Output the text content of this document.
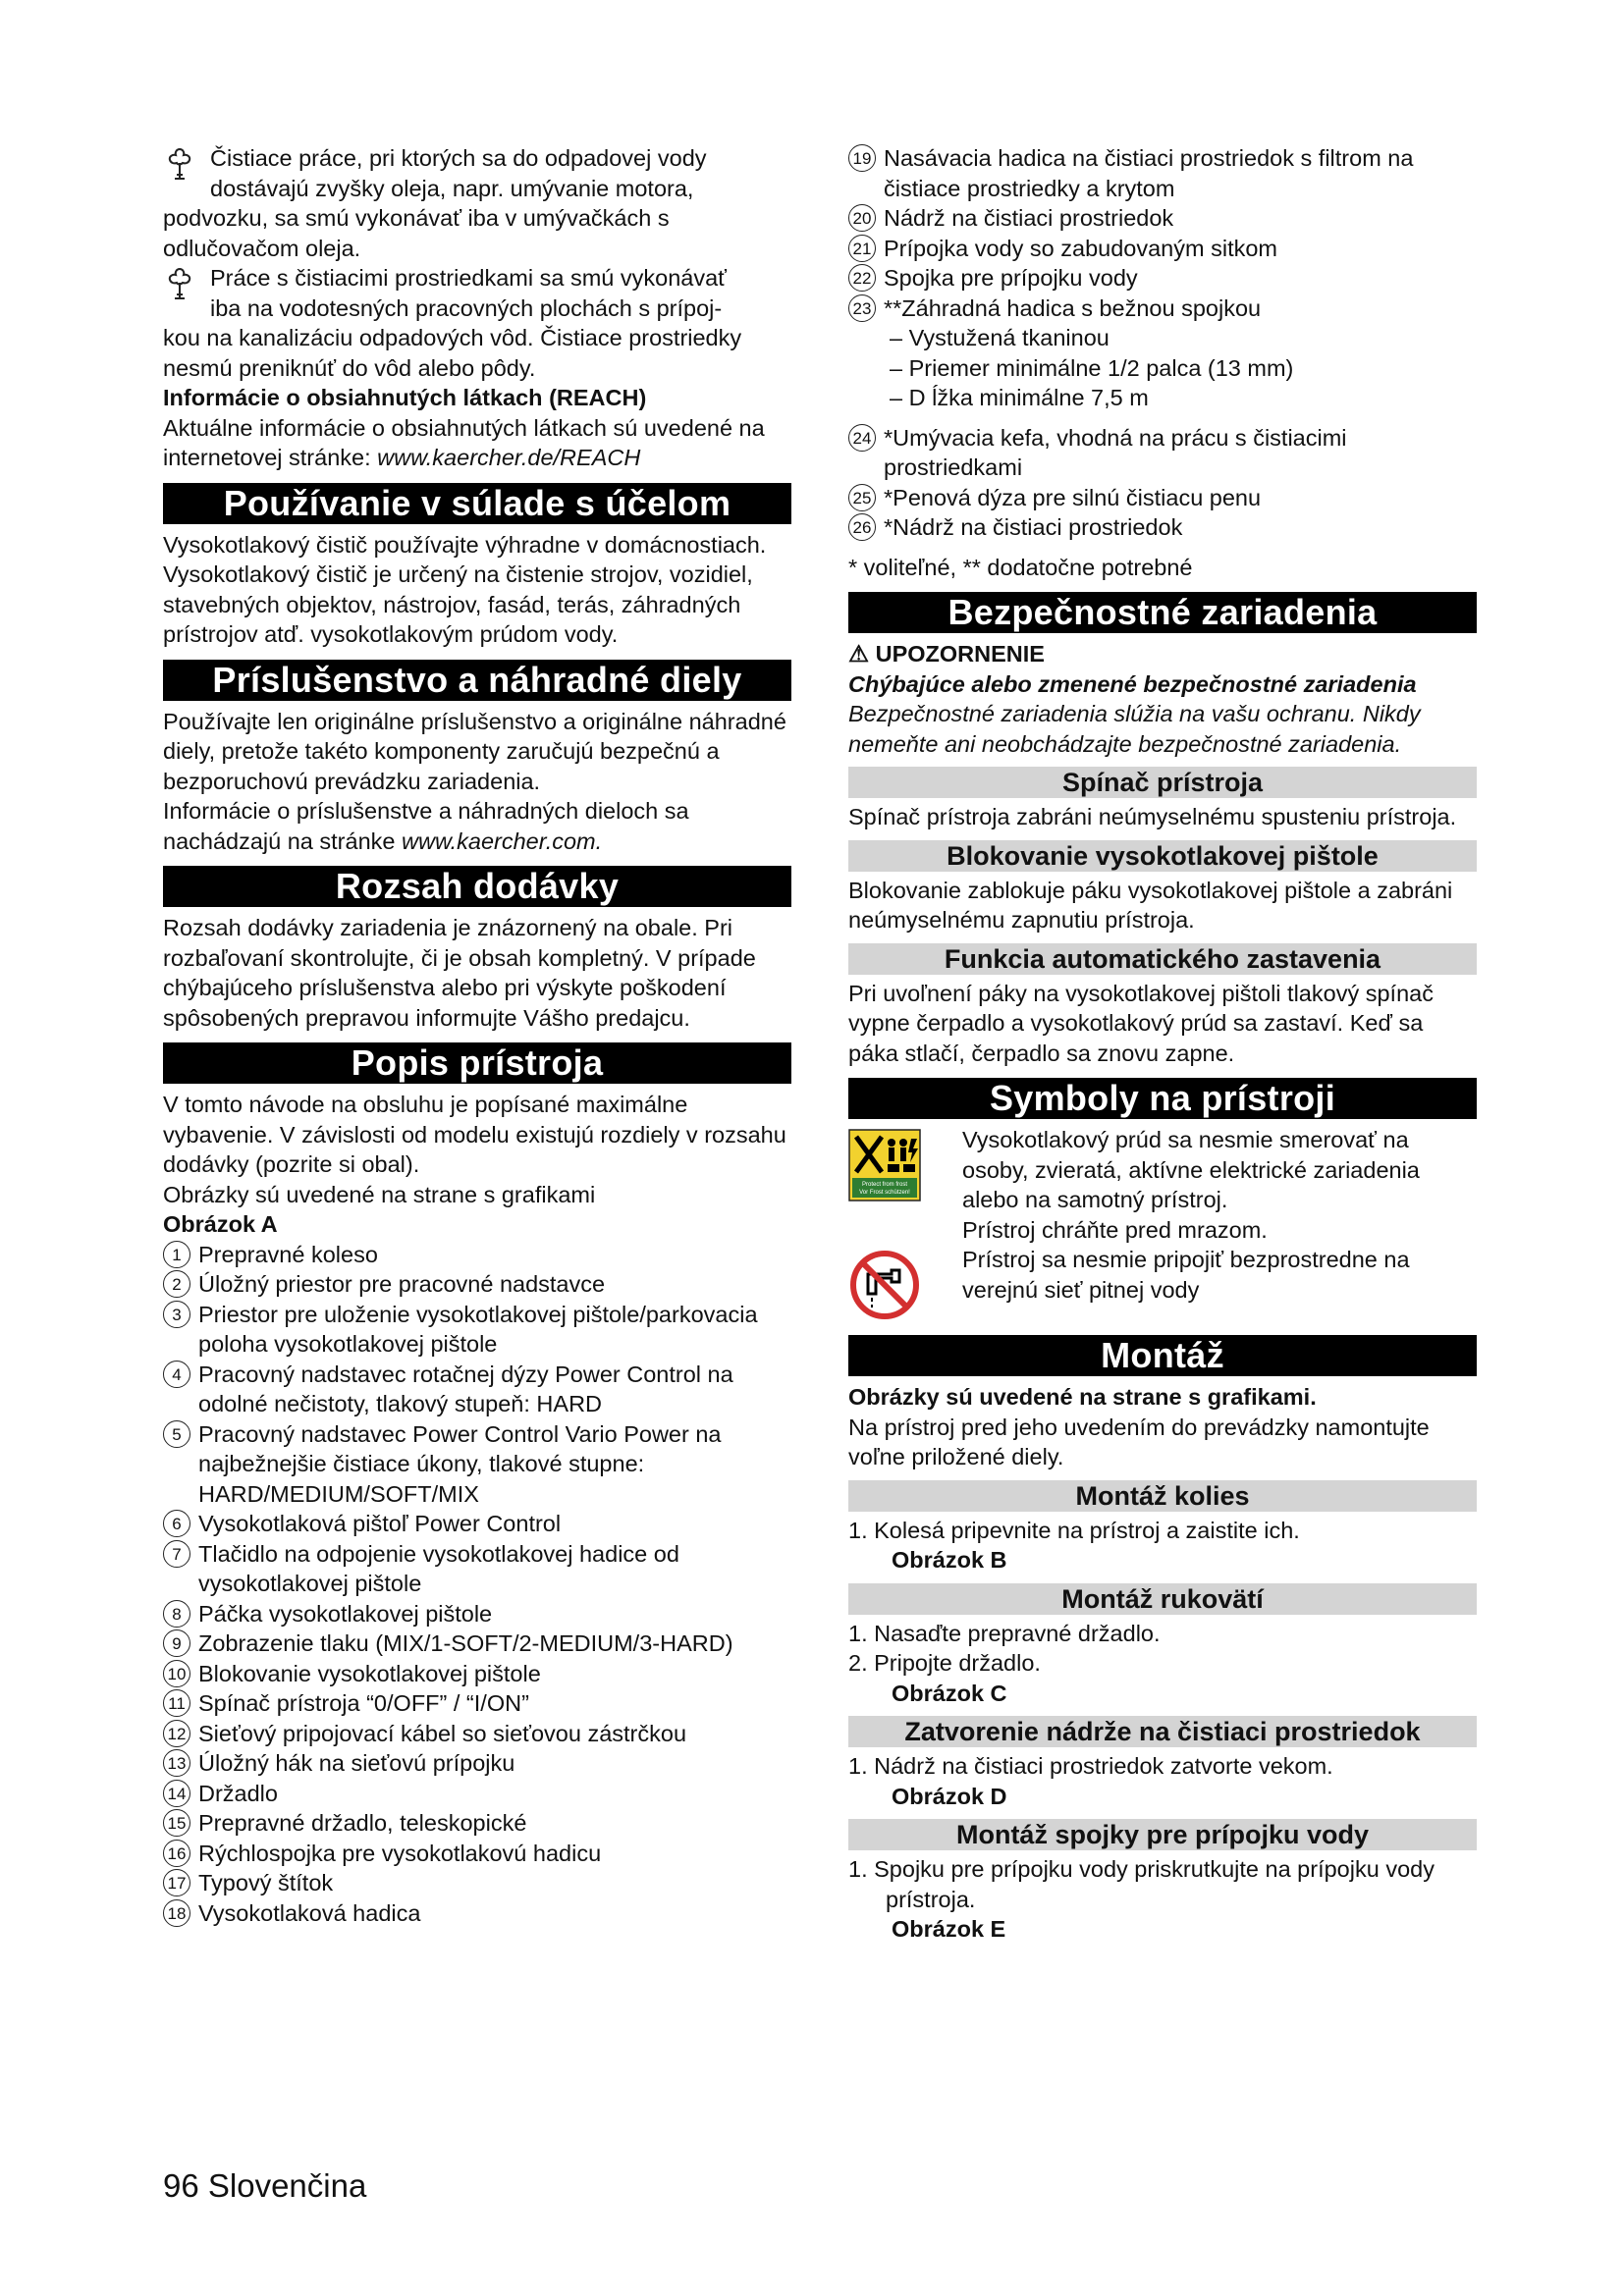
Čistiace práce, pri ktorých sa do odpadovej vody

dostávajú zvyšky oleja, napr. umývanie motora,

podvozku, sa smú vykonávať iba v umývačkách s odlučovačom oleja.

Práce s čistiacimi prostriedkami sa smú vykonávať

iba na vodotesných pracovných plochách s prípoj-

kou na kanalizáciu odpadových vôd. Čistiace prostriedky nesmú preniknúť do vôd alebo pôdy.

Informácie o obsiahnutých látkach (REACH)

Aktuálne informácie o obsiahnutých látkach sú uvedené na internetovej stránke: www.kaercher.de/REACH

Používanie v súlade s účelom

Vysokotlakový čistič používajte výhradne v domácnostiach.

Vysokotlakový čistič je určený na čistenie strojov, vozidiel, stavebných objektov, nástrojov, fasád, terás, záhradných prístrojov atď. vysokotlakovým prúdom vody.

Príslušenstvo a náhradné diely

Používajte len originálne príslušenstvo a originálne náhradné diely, pretože takéto komponenty zaručujú bezpečnú a bezporuchovú prevádzku zariadenia.

Informácie o príslušenstve a náhradných dieloch sa nachádzajú na stránke www.kaercher.com.

Rozsah dodávky

Rozsah dodávky zariadenia je znázornený na obale. Pri rozbaľovaní skontrolujte, či je obsah kompletný. V prípade chýbajúceho príslušenstva alebo pri výskyte poškodení spôsobených prepravou informujte Vášho predajcu.

Popis prístroja

V tomto návode na obsluhu je popísané maximálne vybavenie. V závislosti od modelu existujú rozdiely v rozsahu dodávky (pozrite si obal).

Obrázky sú uvedené na strane s grafikami

Obrázok A

1 Prepravné koleso
2 Úložný priestor pre pracovné nadstavce
3 Priestor pre uloženie vysokotlakovej pištole/parkovacia poloha vysokotlakovej pištole
4 Pracovný nadstavec rotačnej dýzy Power Control na odolné nečistoty, tlakový stupeň: HARD
5 Pracovný nadstavec Power Control Vario Power na najbežnejšie čistiace úkony, tlakové stupne: HARD/MEDIUM/SOFT/MIX
6 Vysokotlaková pištoľ Power Control
7 Tlačidlo na odpojenie vysokotlakovej hadice od vysokotlakovej pištole
8 Páčka vysokotlakovej pištole
9 Zobrazenie tlaku (MIX/1-SOFT/2-MEDIUM/3-HARD)
10 Blokovanie vysokotlakovej pištole
11 Spínač prístroja “0/OFF” / “I/ON”
12 Sieťový pripojovací kábel so sieťovou zástrčkou
13 Úložný hák na sieťovú prípojku
14 Držadlo
15 Prepravné držadlo, teleskopické
16 Rýchlospojka pre vysokotlakovú hadicu
17 Typový štítok
18 Vysokotlaková hadica
19 Nasávacia hadica na čistiaci prostriedok s filtrom na čistiace prostriedky a krytom
20 Nádrž na čistiaci prostriedok
21 Prípojka vody so zabudovaným sitkom
22 Spojka pre prípojku vody
23 **Záhradná hadica s bežnou spojkou

– Vystužená tkaninou

– Priemer minimálne 1/2 palca (13 mm)

– D ĺžka minimálne 7,5 m

24 *Umývacia kefa, vhodná na prácu s čistiacimi prostriedkami
25 *Penová dýza pre silnú čistiacu penu
26 *Nádrž na čistiaci prostriedok

* voliteľné, ** dodatočne potrebné

Bezpečnostné zariadenia

⚠ UPOZORNENIE

Chýbajúce alebo zmenené bezpečnostné zariadenia

Bezpečnostné zariadenia slúžia na vašu ochranu. Nikdy nemeňte ani neobchádzajte bezpečnostné zariadenia.

Spínač prístroja

Spínač prístroja zabráni neúmyselnému spusteniu prístroja.

Blokovanie vysokotlakovej pištole

Blokovanie zablokuje páku vysokotlakovej pištole a zabráni neúmyselnému zapnutiu prístroja.

Funkcia automatického zastavenia

Pri uvoľnení páky na vysokotlakovej pištoli tlakový spínač vypne čerpadlo a vysokotlakový prúd sa zastaví. Keď sa páka stlačí, čerpadlo sa znovu zapne.

Symboly na prístroji
Protect from frost
Vor Frost schützen!

Vysokotlakový prúd sa nesmie smerovať na osoby, zvieratá, aktívne elektrické zariadenia alebo na samotný prístroj.

Prístroj chráňte pred mrazom.

Prístroj sa nesmie pripojiť bezprostredne na verejnú sieť pitnej vody

Montáž

Obrázky sú uvedené na strane s grafikami.

Na prístroj pred jeho uvedením do prevádzky namontujte voľne priložené diely.

Montáž kolies

1. Kolesá pripevnite na prístroj a zaistite ich.

Obrázok B

Montáž rukovätí

1. Nasaďte prepravné držadlo.

2. Pripojte držadlo.

Obrázok C

Zatvorenie nádrže na čistiaci prostriedok

1. Nádrž na čistiaci prostriedok zatvorte vekom.

Obrázok D

Montáž spojky pre prípojku vody

1. Spojku pre prípojku vody priskrutkujte na prípojku vody prístroja.

Obrázok E

96 Slovenčina
